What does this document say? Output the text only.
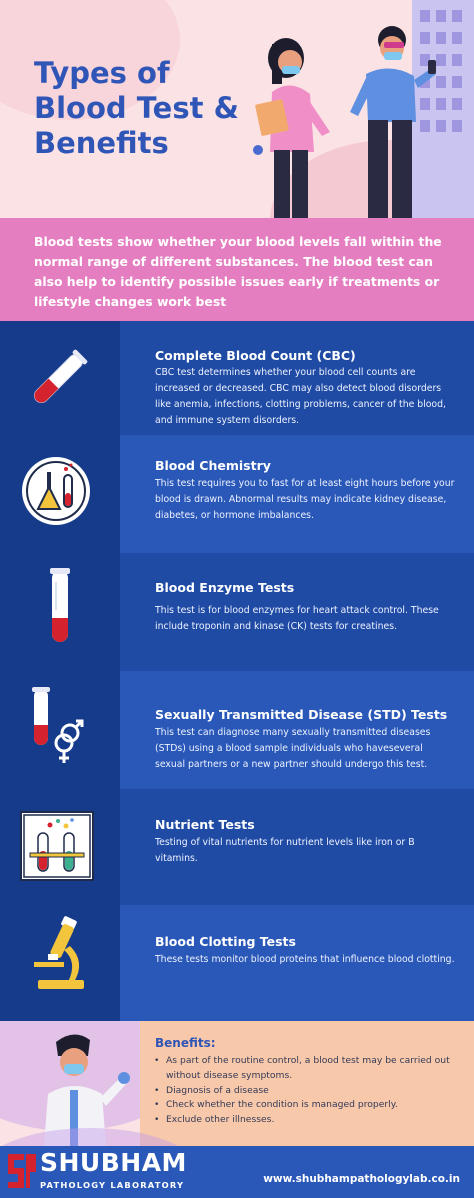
Types of
Blood Test &
Benefits
Blood tests show whether your blood levels fall within the normal range of different substances. The blood test can also help to identify possible issues early if treatments or lifestyle changes work best
Complete Blood Count (CBC)
CBC test determines whether your blood cell counts are increased or decreased. CBC may also detect blood disorders like anemia, infections, clotting problems, cancer of the blood, and immune system disorders.
Blood Chemistry
This test requires you to fast for at least eight hours before your blood is drawn. Abnormal results may indicate kidney disease, diabetes, or hormone imbalances.
Blood Enzyme Tests
This test is for blood enzymes for heart attack control. These include troponin and kinase (CK) tests for creatines.
Sexually Transmitted Disease (STD) Tests
This test can diagnose many sexually transmitted diseases (STDs) using a blood sample individuals who haveseveral sexual partners or a new partner should undergo this test.
Nutrient Tests
Testing of vital nutrients for nutrient levels like iron or B vitamins.
Blood Clotting Tests
These tests monitor blood proteins that influence blood clotting.
Benefits:
• As part of the routine control, a blood test may be carried out without disease symptoms.
• Diagnosis of a disease
• Check whether the condition is managed properly.
• Exclude other illnesses.
SHUBHAM
PATHOLOGY LABORATORY	www.shubhampathologylab.co.in
